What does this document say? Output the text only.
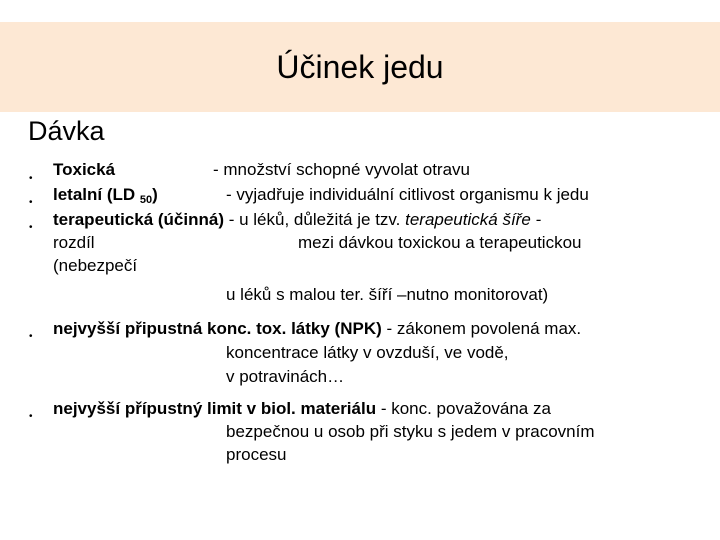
Účinek jedu
Dávka
•
•
•
•
•
Toxická	- množství schopné vyvolat otravu
letalní (LD $_{50}$)	- vyjadřuje individuální citlivost organismu k jedu
terapeutická (účinná) - u léků, důležitá je tzv. terapeutická šíře -
rozdíl	mezi dávkou toxickou a terapeutickou
(nebezpečí
u léků s malou ter. šíří –nutno monitorovat)
nejvyšší připustná konc. tox. látky (NPK) - zákonem povolená max.
koncentrace látky v ovzduší, ve vodě,
v potravinách…
nejvyšší přípustný limit v biol. materiálu - konc. považována za
bezpečnou u osob při styku s jedem v pracovním
procesu
